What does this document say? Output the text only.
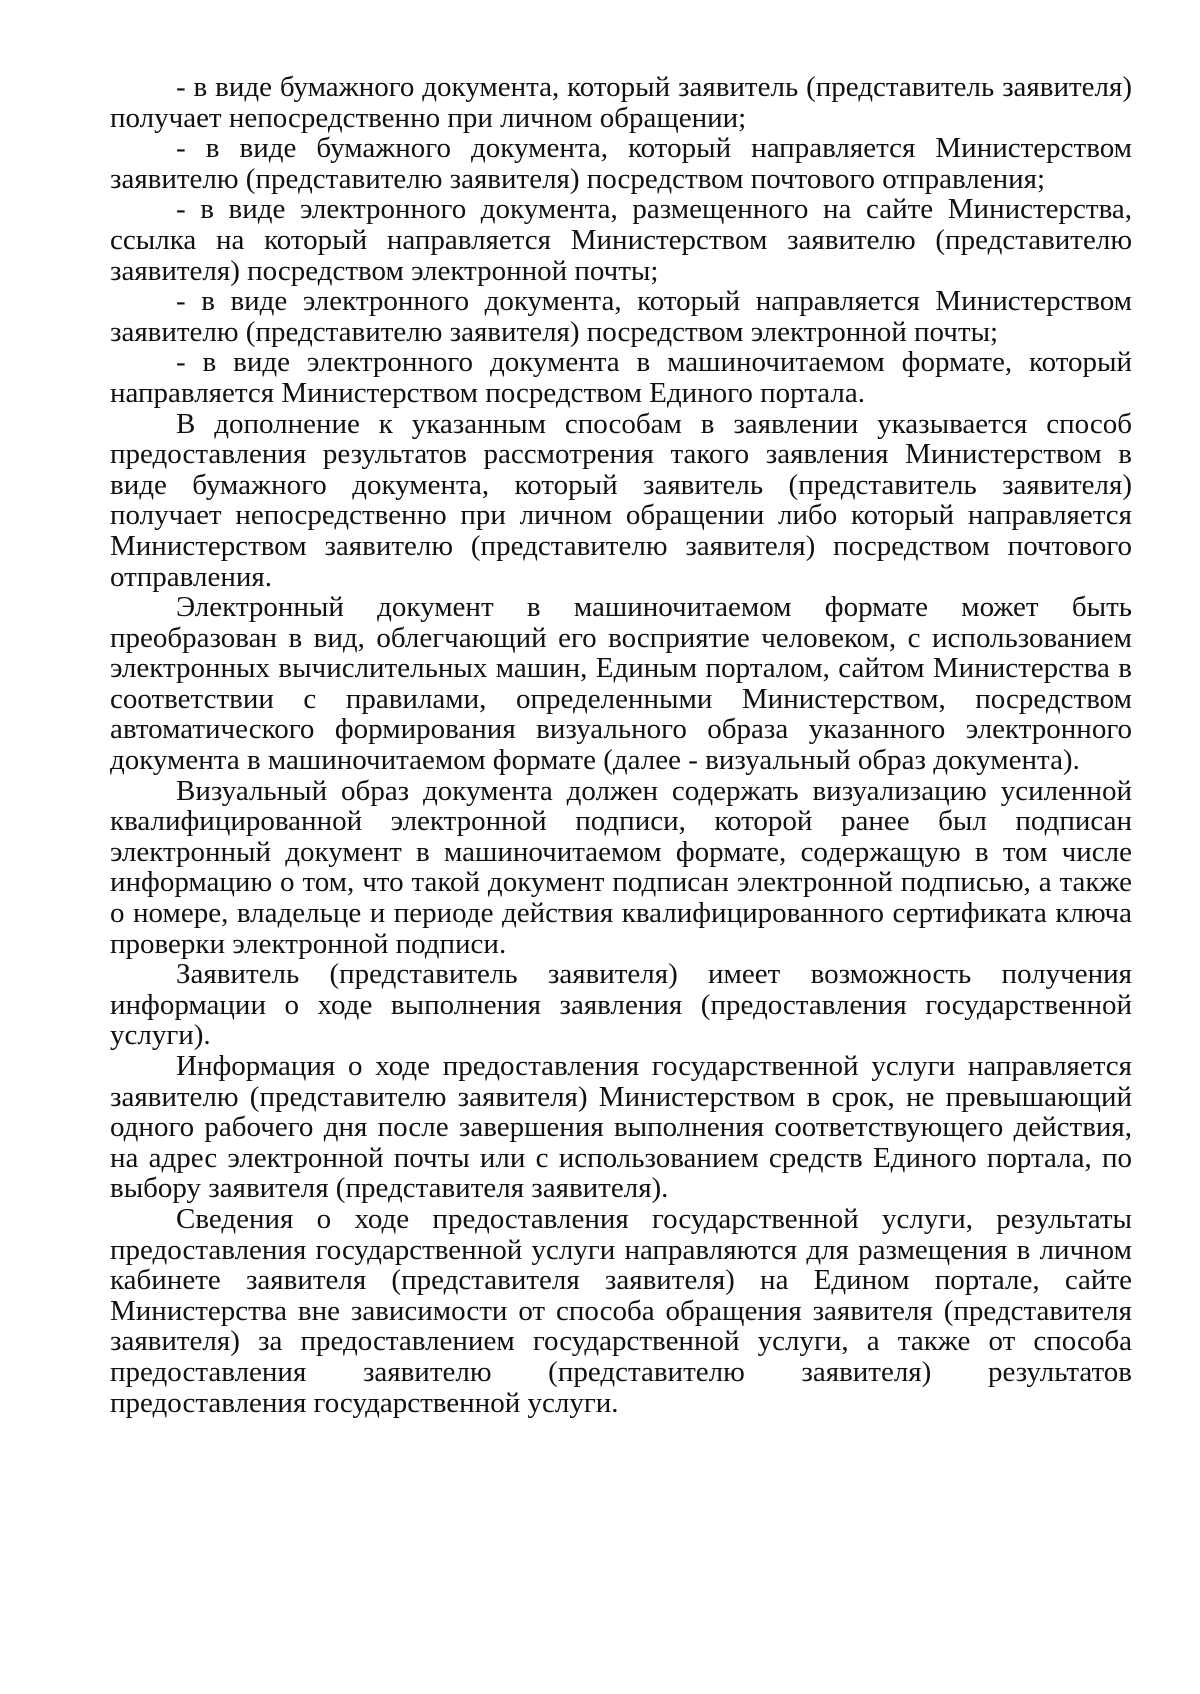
- в виде бумажного документа, который заявитель (представитель заявителя) получает непосредственно при личном обращении;

- в виде бумажного документа, который направляется Министерством заявителю (представителю заявителя) посредством почтового отправления;

- в виде электронного документа, размещенного на сайте Министерства, ссылка на который направляется Министерством заявителю (представителю заявителя) посредством электронной почты;

- в виде электронного документа, который направляется Министерством заявителю (представителю заявителя) посредством электронной почты;

- в виде электронного документа в машиночитаемом формате, который направляется Министерством посредством Единого портала.

В дополнение к указанным способам в заявлении указывается способ предоставления результатов рассмотрения такого заявления Министерством в виде бумажного документа, который заявитель (представитель заявителя) получает непосредственно при личном обращении либо который направляется Министерством заявителю (представителю заявителя) посредством почтового отправления.

Электронный документ в машиночитаемом формате может быть преобразован в вид, облегчающий его восприятие человеком, с использованием электронных вычислительных машин, Единым порталом, сайтом Министерства в соответствии с правилами, определенными Министерством, посредством автоматического формирования визуального образа указанного электронного документа в машиночитаемом формате (далее - визуальный образ документа).

Визуальный образ документа должен содержать визуализацию усиленной квалифицированной электронной подписи, которой ранее был подписан электронный документ в машиночитаемом формате, содержащую в том числе информацию о том, что такой документ подписан электронной подписью, а также о номере, владельце и периоде действия квалифицированного сертификата ключа проверки электронной подписи.

Заявитель (представитель заявителя) имеет возможность получения информации о ходе выполнения заявления (предоставления государственной услуги).

Информация о ходе предоставления государственной услуги направляется заявителю (представителю заявителя) Министерством в срок, не превышающий одного рабочего дня после завершения выполнения соответствующего действия, на адрес электронной почты или с использованием средств Единого портала, по выбору заявителя (представителя заявителя).

Сведения о ходе предоставления государственной услуги, результаты предоставления государственной услуги направляются для размещения в личном кабинете заявителя (представителя заявителя) на Едином портале, сайте Министерства вне зависимости от способа обращения заявителя (представителя заявителя) за предоставлением государственной услуги, а также от способа предоставления заявителю (представителю заявителя) результатов предоставления государственной услуги.
